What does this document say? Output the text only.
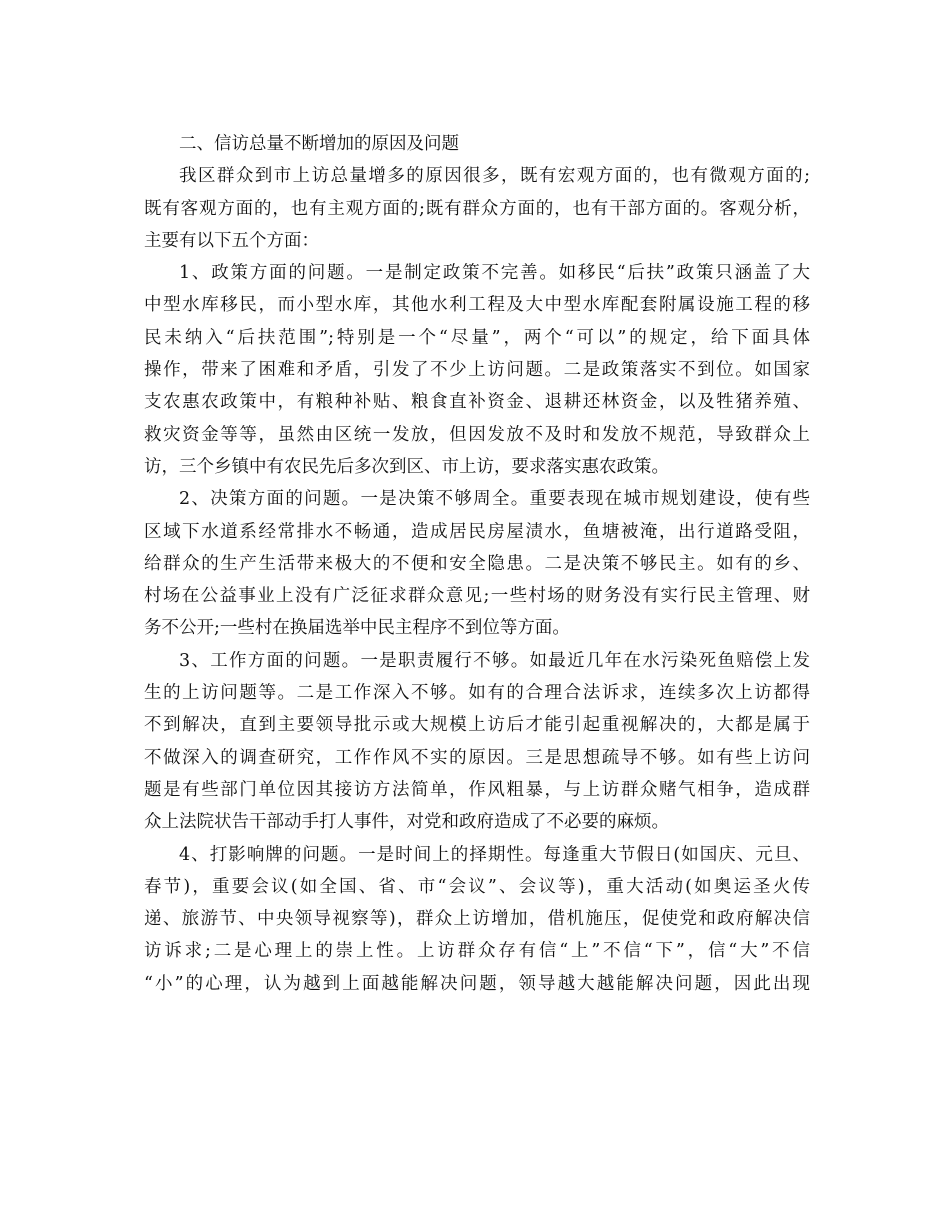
二、信访总量不断增加的原因及问题
我区群众到市上访总量增多的原因很多，既有宏观方面的，也有微观方面的;
既有客观方面的，也有主观方面的;既有群众方面的，也有干部方面的。客观分析，
主要有以下五个方面：
1、政策方面的问题。一是制定政策不完善。如移民“后扶”政策只涵盖了大
中型水库移民，而小型水库，其他水利工程及大中型水库配套附属设施工程的移
民未纳入“后扶范围”;特别是一个“尽量”，两个“可以”的规定，给下面具体
操作，带来了困难和矛盾，引发了不少上访问题。二是政策落实不到位。如国家
支农惠农政策中，有粮种补贴、粮食直补资金、退耕还林资金，以及牲猪养殖、
救灾资金等等，虽然由区统一发放，但因发放不及时和发放不规范，导致群众上
访，三个乡镇中有农民先后多次到区、市上访，要求落实惠农政策。
2、决策方面的问题。一是决策不够周全。重要表现在城市规划建设，使有些
区域下水道系经常排水不畅通，造成居民房屋渍水，鱼塘被淹，出行道路受阻，
给群众的生产生活带来极大的不便和安全隐患。二是决策不够民主。如有的乡、
村场在公益事业上没有广泛征求群众意见;一些村场的财务没有实行民主管理、财
务不公开;一些村在换届选举中民主程序不到位等方面。
3、工作方面的问题。一是职责履行不够。如最近几年在水污染死鱼赔偿上发
生的上访问题等。二是工作深入不够。如有的合理合法诉求，连续多次上访都得
不到解决，直到主要领导批示或大规模上访后才能引起重视解决的，大都是属于
不做深入的调查研究，工作作风不实的原因。三是思想疏导不够。如有些上访问
题是有些部门单位因其接访方法简单，作风粗暴，与上访群众赌气相争，造成群
众上法院状告干部动手打人事件，对党和政府造成了不必要的麻烦。
4、打影响牌的问题。一是时间上的择期性。每逢重大节假日(如国庆、元旦、
春节)，重要会议(如全国、省、市“会议”、会议等)，重大活动(如奥运圣火传
递、旅游节、中央领导视察等)，群众上访增加，借机施压，促使党和政府解决信
访诉求;二是心理上的崇上性。上访群众存有信“上”不信“下”，信“大”不信
“小”的心理，认为越到上面越能解决问题，领导越大越能解决问题，因此出现
